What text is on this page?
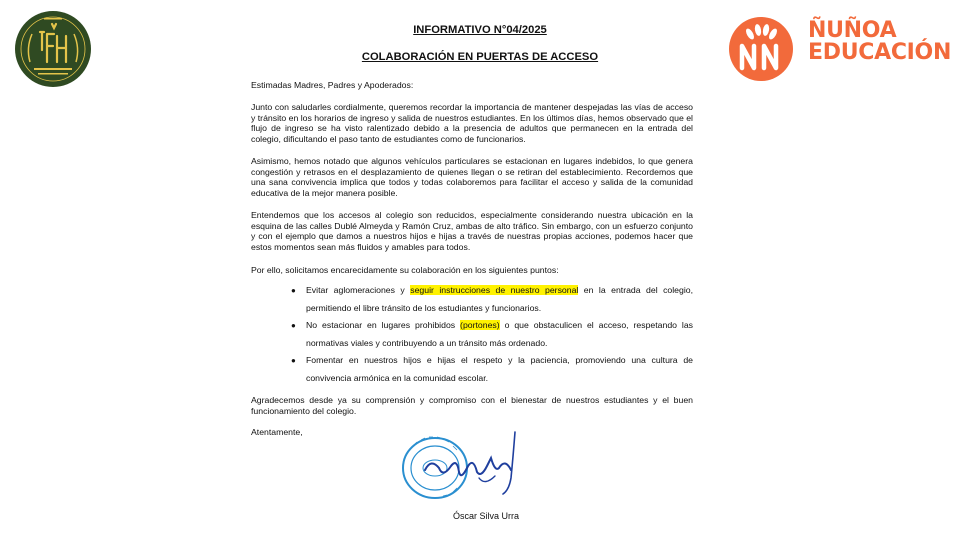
ÑUÑOA
EDUCACIÓN
INFORMATIVO N°04/2025
COLABORACIÓN EN PUERTAS DE ACCESO
Estimadas Madres, Padres y Apoderados:
Junto con saludarles cordialmente, queremos recordar la importancia de mantener despejadas las vías de acceso y tránsito en los horarios de ingreso y salida de nuestros estudiantes. En los últimos días, hemos observado que el flujo de ingreso se ha visto ralentizado debido a la presencia de adultos que permanecen en la entrada del colegio, dificultando el paso tanto de estudiantes como de funcionarios.
Asimismo, hemos notado que algunos vehículos particulares se estacionan en lugares indebidos, lo que genera congestión y retrasos en el desplazamiento de quienes llegan o se retiran del establecimiento. Recordemos que una sana convivencia implica que todos y todas colaboremos para facilitar el acceso y salida de la comunidad educativa de la mejor manera posible.
Entendemos que los accesos al colegio son reducidos, especialmente considerando nuestra ubicación en la esquina de las calles Dublé Almeyda y Ramón Cruz, ambas de alto tráfico. Sin embargo, con un esfuerzo conjunto y con el ejemplo que damos a nuestros hijos e hijas a través de nuestras propias acciones, podemos hacer que estos momentos sean más fluidos y amables para todos.
Por ello, solicitamos encarecidamente su colaboración en los siguientes puntos:
● Evitar aglomeraciones y seguir instrucciones de nuestro personal en la entrada del colegio, permitiendo el libre tránsito de los estudiantes y funcionarios.
● No estacionar en lugares prohibidos (portones) o que obstaculicen el acceso, respetando las normativas viales y contribuyendo a un tránsito más ordenado.
● Fomentar en nuestros hijos e hijas el respeto y la paciencia, promoviendo una cultura de convivencia armónica en la comunidad escolar.
Agradecemos desde ya su comprensión y compromiso con el bienestar de nuestros estudiantes y el buen funcionamiento del colegio.
Atentamente,
Óscar Silva Urra
